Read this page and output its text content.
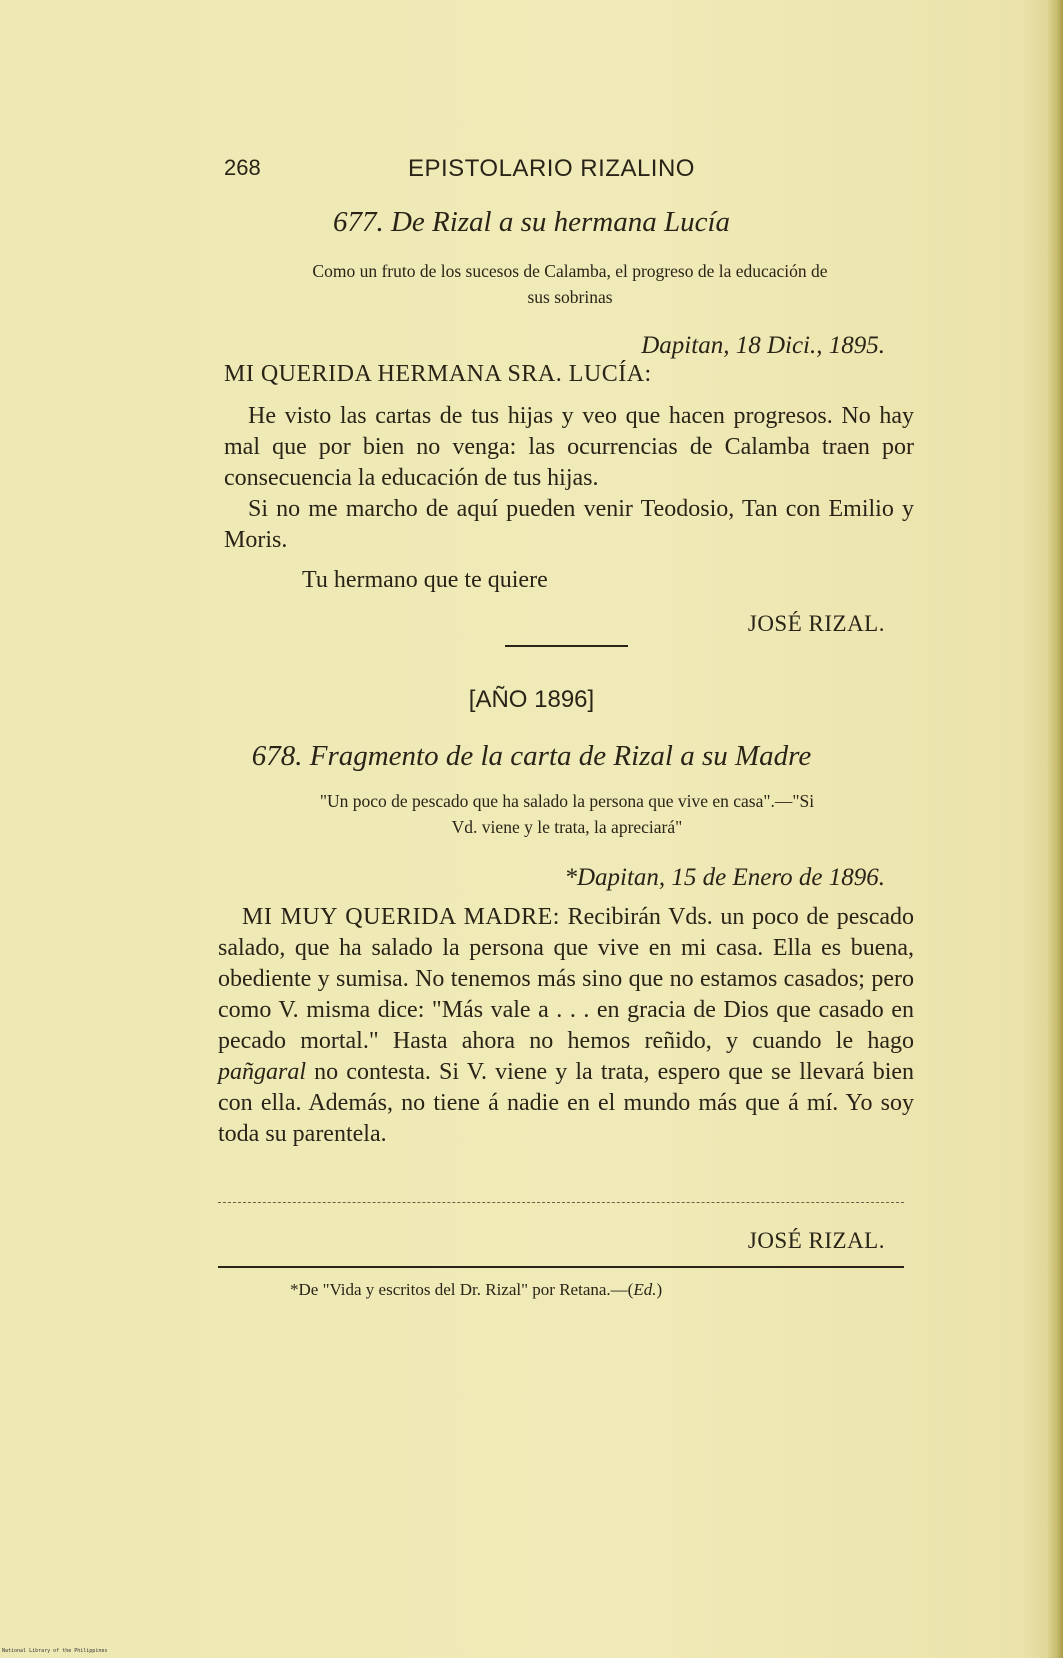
268	EPISTOLARIO RIZALINO
677. De Rizal a su hermana Lucía
Como un fruto de los sucesos de Calamba, el progreso de la educación de
sus sobrinas
Dapitan, 18 Dici., 1895.
MI QUERIDA HERMANA SRA. LUCÍA:

He visto las cartas de tus hijas y veo que hacen progresos. No hay mal que por bien no venga: las ocurrencias de Calamba traen por consecuencia la educación de tus hijas.

Si no me marcho de aquí pueden venir Teodosio, Tan con Emilio y Moris.

Tu hermano que te quiere
JOSÉ RIZAL.
[AÑO 1896]
678. Fragmento de la carta de Rizal a su Madre
"Un poco de pescado que ha salado la persona que vive en casa".—"Si
Vd. viene y le trata, la apreciará"
*Dapitan, 15 de Enero de 1896.

MI MUY QUERIDA MADRE: Recibirán Vds. un poco de pescado salado, que ha salado la persona que vive en mi casa. Ella es buena, obediente y sumisa. No tenemos más sino que no estamos casados; pero como V. misma dice: "Más vale a . . . en gracia de Dios que casado en pecado mortal." Hasta ahora no hemos reñido, y cuando le hago pañgaral no contesta. Si V. viene y la trata, espero que se llevará bien con ella. Además, no tiene á nadie en el mundo más que á mí. Yo soy toda su parentela.

JOSÉ RIZAL.
*De "Vida y escritos del Dr. Rizal" por Retana.—(Ed.)
National Library of the Philippines
